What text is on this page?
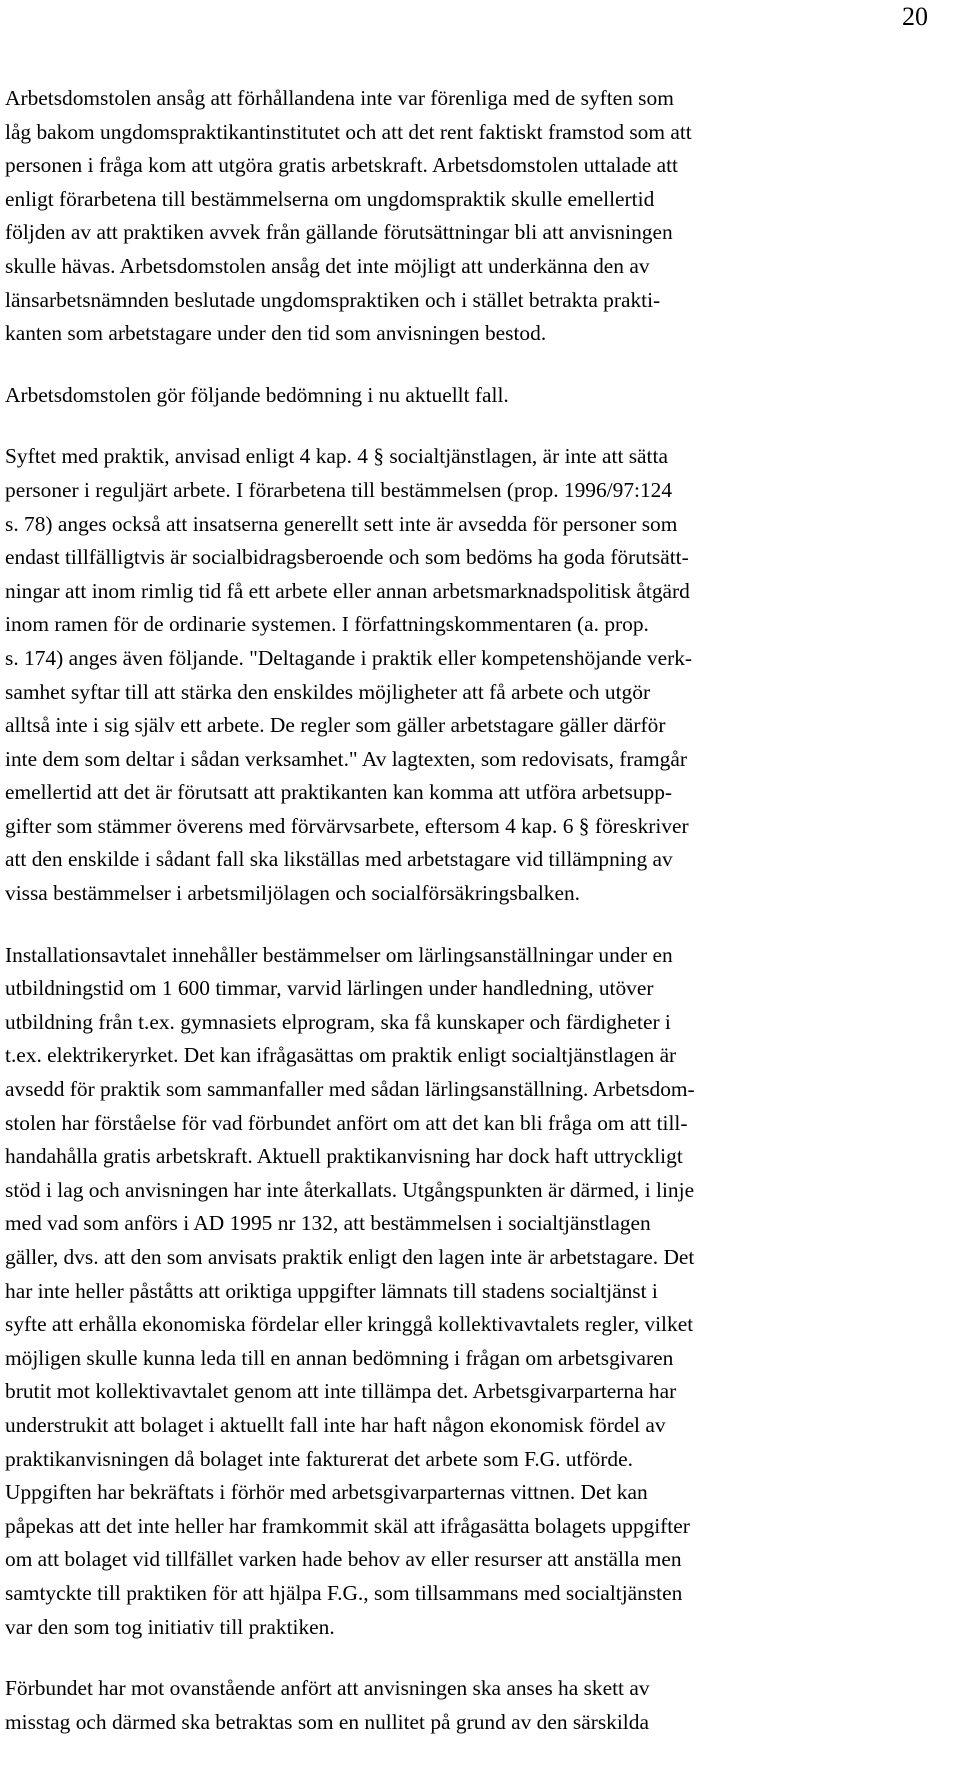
20

Arbetsdomstolen ansåg att förhållandena inte var förenliga med de syften som
låg bakom ungdomspraktikantinstitutet och att det rent faktiskt framstod som att
personen i fråga kom att utgöra gratis arbetskraft. Arbetsdomstolen uttalade att
enligt förarbetena till bestämmelserna om ungdomspraktik skulle emellertid
följden av att praktiken avvek från gällande förutsättningar bli att anvisningen
skulle hävas. Arbetsdomstolen ansåg det inte möjligt att underkänna den av
länsarbetsnämnden beslutade ungdomspraktiken och i stället betrakta prakti-
kanten som arbetstagare under den tid som anvisningen bestod.

Arbetsdomstolen gör följande bedömning i nu aktuellt fall.

Syftet med praktik, anvisad enligt 4 kap. 4 § socialtjänstlagen, är inte att sätta
personer i reguljärt arbete. I förarbetena till bestämmelsen (prop. 1996/97:124
s. 78) anges också att insatserna generellt sett inte är avsedda för personer som
endast tillfälligtvis är socialbidragsberoende och som bedöms ha goda förutsätt-
ningar att inom rimlig tid få ett arbete eller annan arbetsmarknadspolitisk åtgärd
inom ramen för de ordinarie systemen. I författningskommentaren (a. prop.
s. 174) anges även följande. "Deltagande i praktik eller kompetenshöjande verk-
samhet syftar till att stärka den enskildes möjligheter att få arbete och utgör
alltså inte i sig själv ett arbete. De regler som gäller arbetstagare gäller därför
inte dem som deltar i sådan verksamhet." Av lagtexten, som redovisats, framgår
emellertid att det är förutsatt att praktikanten kan komma att utföra arbetsupp-
gifter som stämmer överens med förvärvsarbete, eftersom 4 kap. 6 § föreskriver
att den enskilde i sådant fall ska likställas med arbetstagare vid tillämpning av
vissa bestämmelser i arbetsmiljölagen och socialförsäkringsbalken.

Installationsavtalet innehåller bestämmelser om lärlingsanställningar under en
utbildningstid om 1 600 timmar, varvid lärlingen under handledning, utöver
utbildning från t.ex. gymnasiets elprogram, ska få kunskaper och färdigheter i
t.ex. elektrikeryrket. Det kan ifrågasättas om praktik enligt socialtjänstlagen är
avsedd för praktik som sammanfaller med sådan lärlingsanställning. Arbetsdom-
stolen har förståelse för vad förbundet anfört om att det kan bli fråga om att till-
handahålla gratis arbetskraft. Aktuell praktikanvisning har dock haft uttryckligt
stöd i lag och anvisningen har inte återkallats. Utgångspunkten är därmed, i linje
med vad som anförs i AD 1995 nr 132, att bestämmelsen i socialtjänstlagen
gäller, dvs. att den som anvisats praktik enligt den lagen inte är arbetstagare. Det
har inte heller påståtts att oriktiga uppgifter lämnats till stadens socialtjänst i
syfte att erhålla ekonomiska fördelar eller kringgå kollektivavtalets regler, vilket
möjligen skulle kunna leda till en annan bedömning i frågan om arbetsgivaren
brutit mot kollektivavtalet genom att inte tillämpa det. Arbetsgivarparterna har
understrukit att bolaget i aktuellt fall inte har haft någon ekonomisk fördel av
praktikanvisningen då bolaget inte fakturerat det arbete som F.G. utförde.
Uppgiften har bekräftats i förhör med arbetsgivarparternas vittnen. Det kan
påpekas att det inte heller har framkommit skäl att ifrågasätta bolagets uppgifter
om att bolaget vid tillfället varken hade behov av eller resurser att anställa men
samtyckte till praktiken för att hjälpa F.G., som tillsammans med socialtjänsten
var den som tog initiativ till praktiken.

Förbundet har mot ovanstående anfört att anvisningen ska anses ha skett av
misstag och därmed ska betraktas som en nullitet på grund av den särskilda
